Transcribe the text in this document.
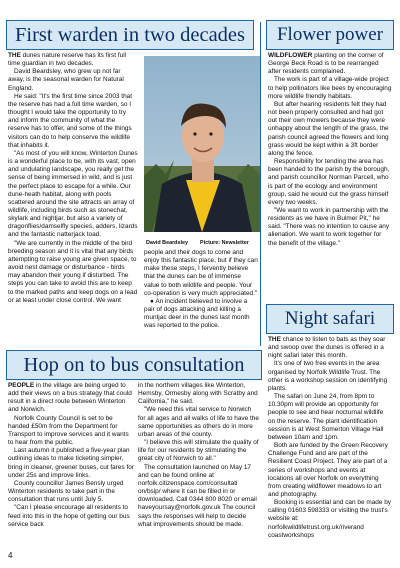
First warden in two decades

THE dunes nature reserve has its first full time guardian in two decades.

David Beardsley, who grew up not far away, is the seasonal warden for Natural England.

He said: "It's the first time since 2003 that the reserve has had a full time warden, so I thought I would take the opportunity to try and inform the community of what the reserve has to offer, and some of the things visitors can do to help conserve the wildlife that inhabits it.

"As most of you will know, Winterton Dunes is a wonderful place to be, with its vast, open and undulating landscape, you really get the sense of being immersed in wild, and is just the perfect place to escape for a while. Our dune-heath habitat, along with pools scattered around the site attracts an array of wildlife, including birds such as stonechat, skylark and nightjar, but also a variety of dragonflies/damselfly species, adders, lizards and the fantastic natterjack toad.

"We are currently in the middle of the bird breeding season and it is vital that any birds attempting to raise young are given space, to avoid nest damage or disturbance - birds may abandon their young if disturbed. The steps you can take to avoid this are to keep to the marked paths and keep dogs on a lead or at least under close control. We want

David Beardsley Picture: Newsletter

people and their dogs to come and enjoy this fantastic place, but if they can make these steps, I fervently believe that the dunes can be of immense value to both wildlife and people. Your co-operation is very much appreciated."

● An incident believed to involve a pair of dogs attacking and killing a muntjac deer in the dunes last month was reported to the police.

Flower power

WILDFLOWER planting on the corner of George Beck Road is to be rearranged after residents complained.

The work is part of a village-wide project to help pollinators like bees by encouraging more wildlife friendly habitats.

But after hearing residents felt they had not been properly consulted and had got out their own mowers because they were unhappy about the length of the grass, the parish council agreed the flowers and long grass would be kept within a 3ft border along the fence.

Responsibility for tending the area has been handed to the parish by the borough, and parish councillor Norman Parcell, who is part of the ecology and environment group, said he would cut the grass himself every two weeks.

"We want to work in partnership with the residents as we have in Bulmer Pit," he said. "There was no intention to cause any alienation. We want to work together for the benefit of the village."

Night safari

THE chance to listen to bats as they soar and swoop over the dunes is offered in a night safari later this month.

It's one of two free events in the area organised by Norfolk Wildlife Trust. The other is a workshop session on identifying plants.

The safari on June 24, from 8pm to 10.30pm will provide an opportunity for people to see and hear nocturnal wildlife on the reserve. The plant identification session is at West Somerton Village Hall between 10am and 1pm.

Both are funded by the Green Recovery Challenge Fund and are part of the Resilient Coast Project. They are part of a series of workshops and events at locations all over Norfolk on everything from creating wildflower meadows to art and photography.

Booking is essential and can be made by calling 01603 598333 or visiting the trust's website at: norfolkwildlifetrust.org.uk/riverand coastworkshops

Hop on to bus consultation

PEOPLE in the village are being urged to add their views on a bus strategy that could result in a direct route between Winterton and Norwich.

Norfolk County Council is set to be handed £50m from the Department for Transport to improve services and it wants to hear from the public.

Last autumn it published a five-year plan outlining ideas to make ticketing simpler, bring in cleaner, greener buses, cut fares for under 25s and improve links.

County councillor James Bensly urged Winterton residents to take part in the consultation that runs until July 5.

"Can I please encourage all residents to feed into this in the hope of getting our bus service back

in the northern villages like Winterton, Hemsby, Ormesby along with Scratby and California," he said.

"We need this vital service to Norwich for all ages and all walks of life to have the same opportunities as others do in more urban areas of the county.

"I believe this will stimulate the quality of life for our residents by stimulating the great city of Norwich to all."

The consultation launched on May 17 and can be found online at norfolk.citizenspace.com/consultati on/bsip/ where it can be filled in or downloaded. Call 0344 800 8020 or email haveyoursay@norfolk.gov.uk The council says the responses will help to decide what improvements should be made.

4
